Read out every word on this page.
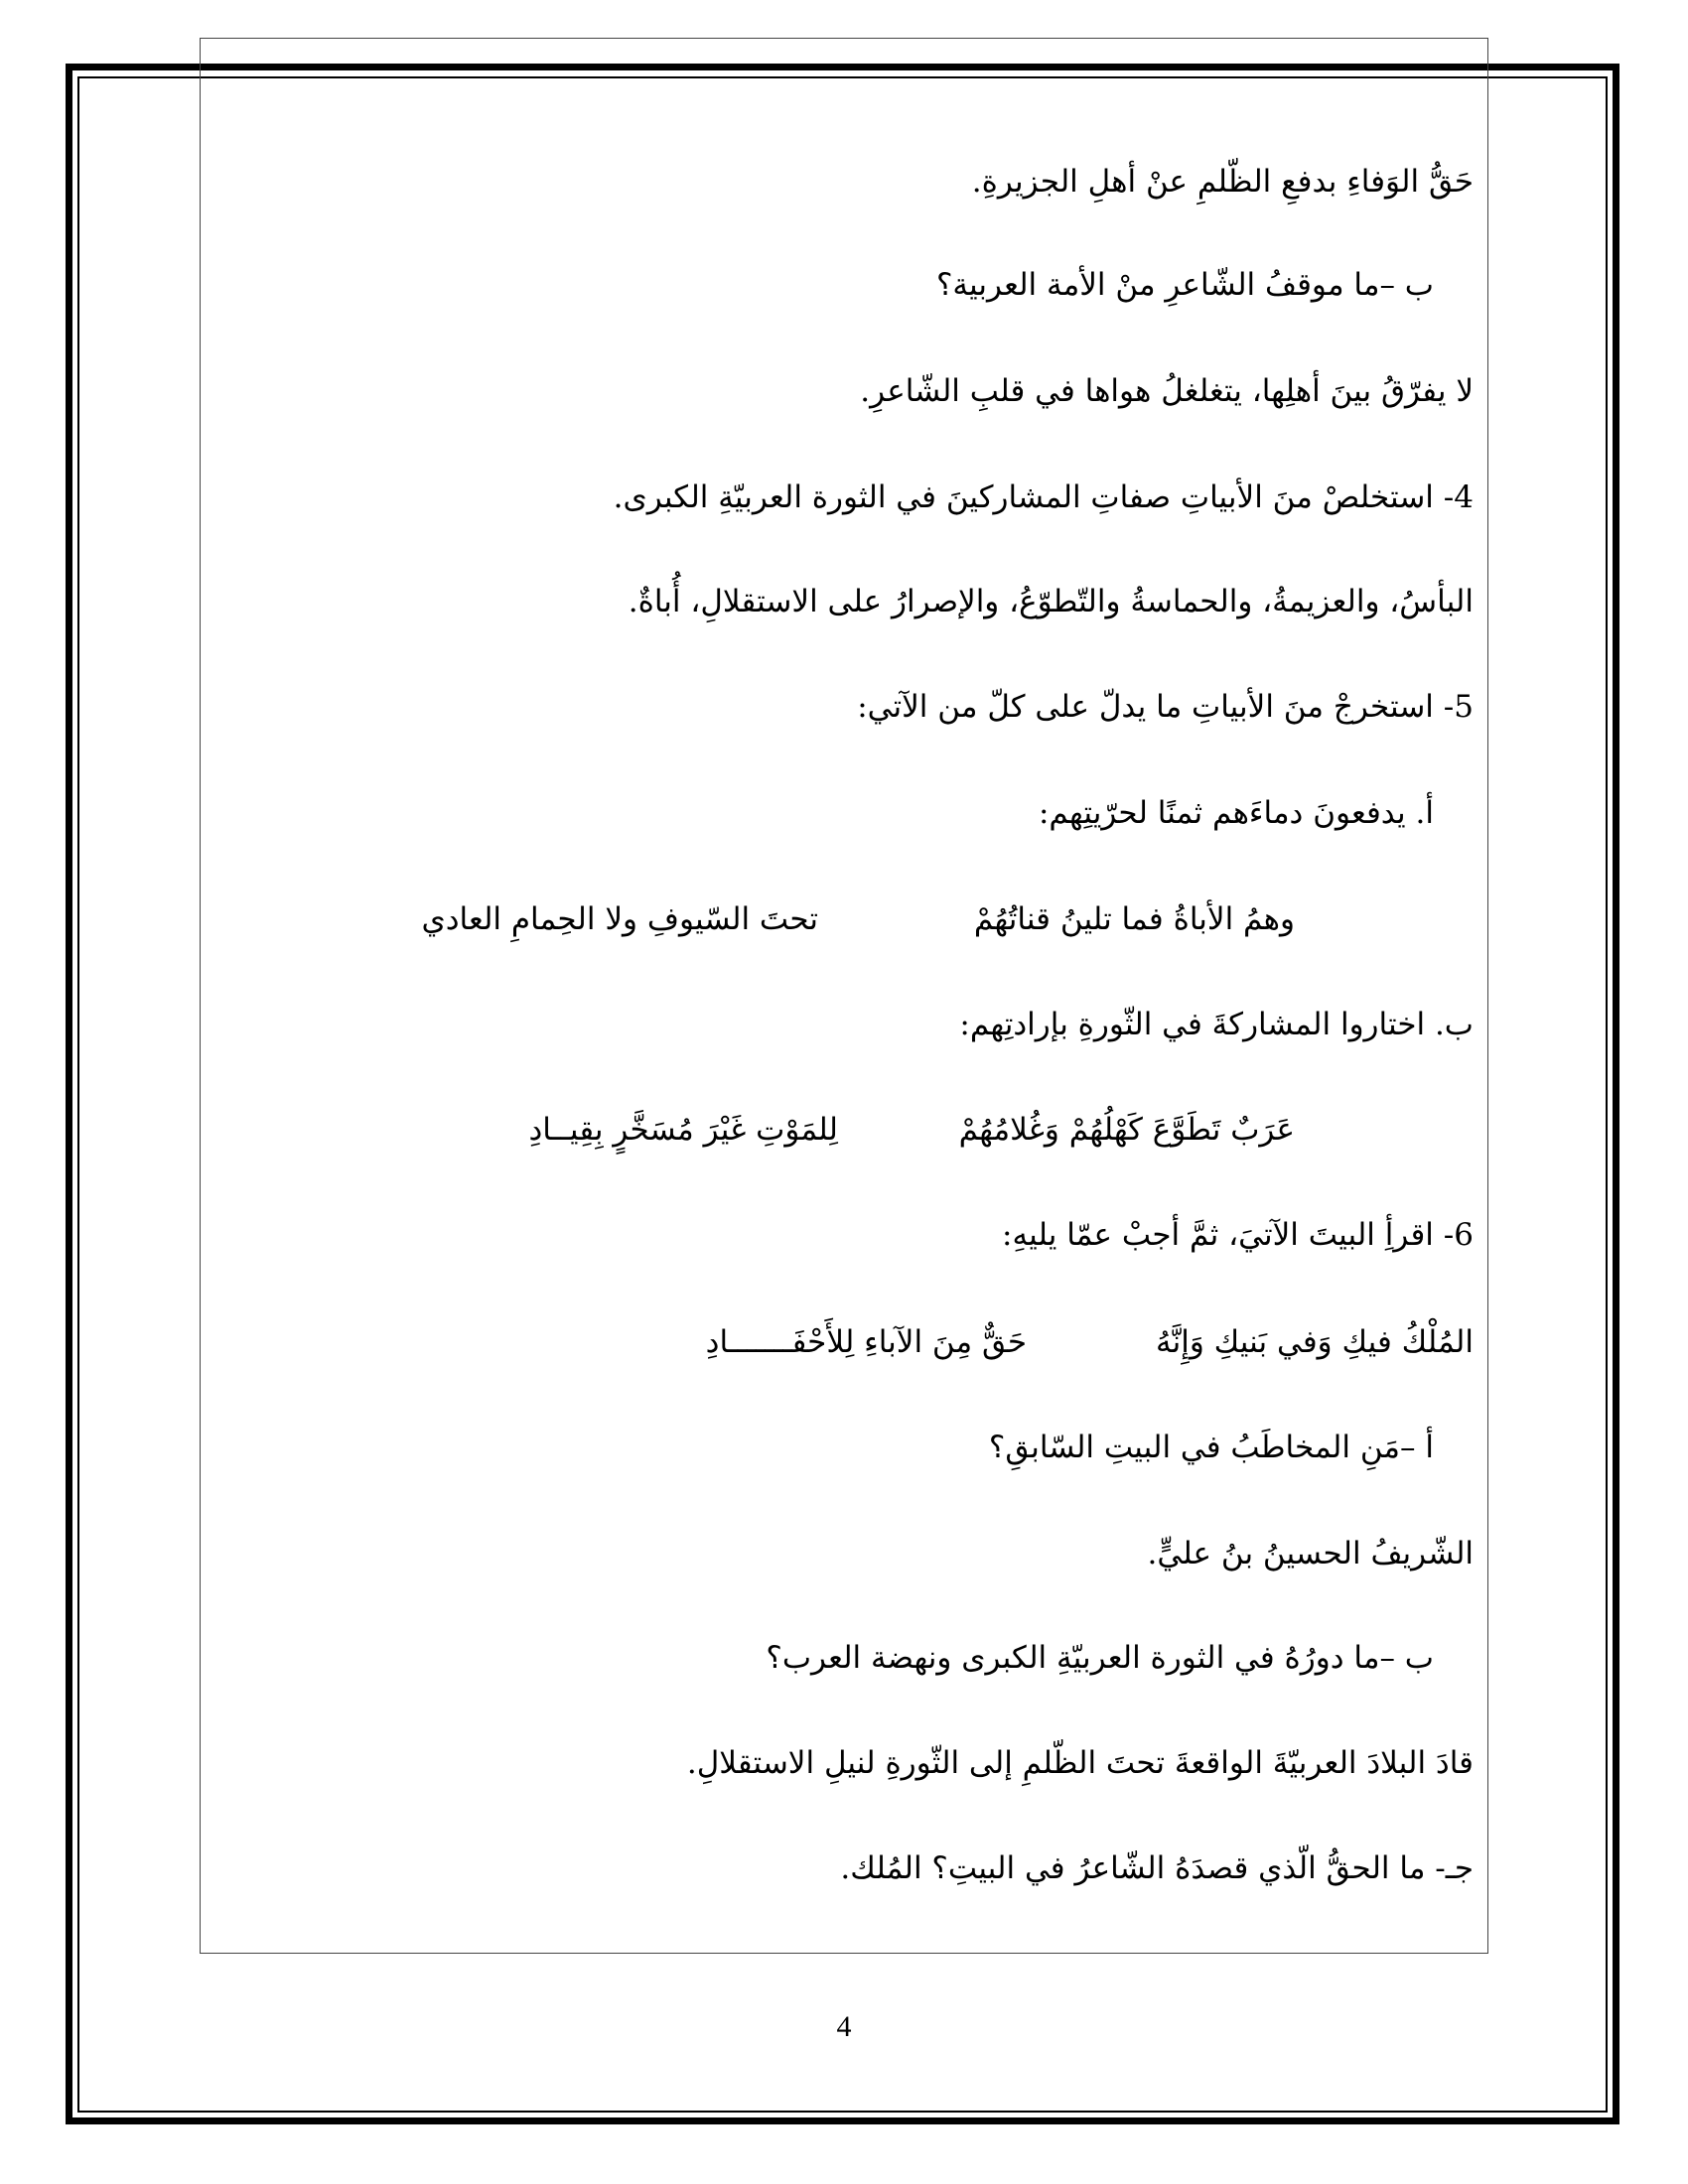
حَقُّ الوَفاءِ بدفعِ الظّلمِ عنْ أهلِ الجزيرةِ.
ب –ما موقفُ الشّاعرِ منْ الأمة العربية؟
لا يفرّقُ بينَ أهلِها، يتغلغلُ هواها في قلبِ الشّاعرِ.
4- استخلصْ منَ الأبياتِ صفاتِ المشاركينَ في الثورة العربيّةِ الكبرى.
البأسُ، والعزيمةُ، والحماسةُ والتّطوّعُ، والإصرارُ على الاستقلالِ، أُباةٌ.
5- استخرجْ منَ الأبياتِ ما يدلّ على كلّ من الآتي:
أ. يدفعونَ دماءَهم ثمنًا لحرّيتِهم:
وهمُ الأباةُ فما تلينُ قناتُهُمْ
تحتَ السّيوفِ ولا الحِمامِ العادي
ب. اختاروا المشاركةَ في الثّورةِ بإرادتِهم:
عَرَبٌ تَطَوَّعَ كَهْلُهُمْ وَغُلامُهُمْ
لِلمَوْتِ غَيْرَ مُسَخَّرٍ بِقِيــادِ
6- اقرأِ البيتَ الآتيَ، ثمَّ أجبْ عمّا يليهِ:
المُلْكُ فيكِ وَفي بَنيكِ وَإِنَّهُ
حَقٌّ مِنَ الآباءِ لِلأَحْفَـــــــادِ
أ –مَنِ المخاطَبُ في البيتِ السّابقِ؟
الشّريفُ الحسينُ بنُ عليٍّ.
ب –ما دورُهُ في الثورة العربيّةِ الكبرى ونهضة العرب؟
قادَ البلادَ العربيّةَ الواقعةَ تحتَ الظّلمِ إلى الثّورةِ لنيلِ الاستقلالِ.
جـ- ما الحقُّ الّذي قصدَهُ الشّاعرُ في البيتِ؟ المُلك.
4
